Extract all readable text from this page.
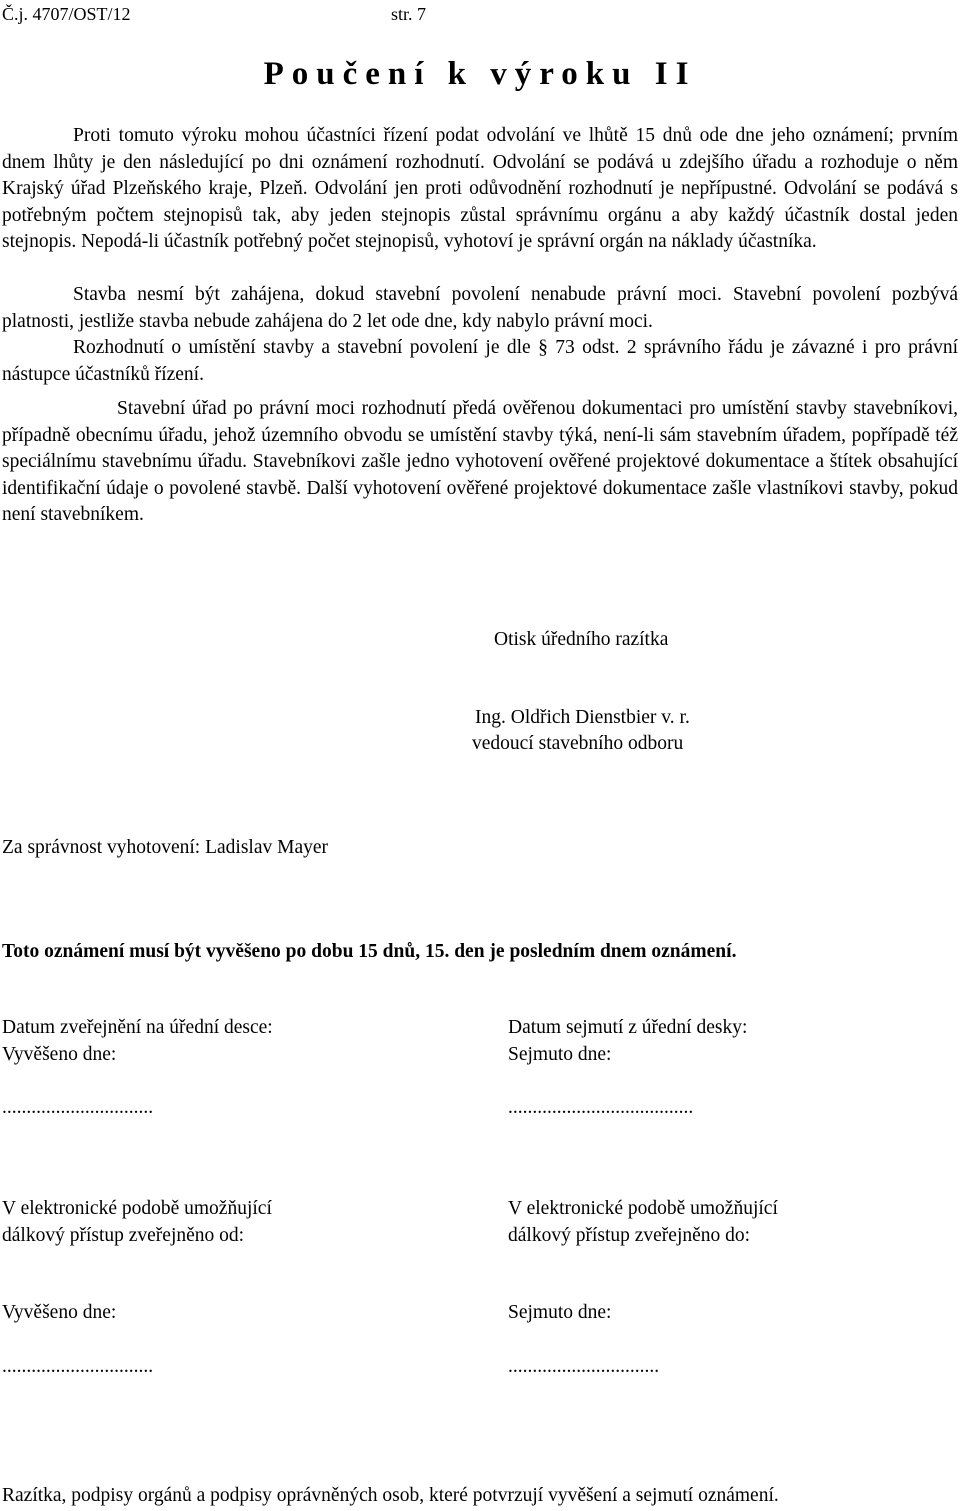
Č.j. 4707/OST/12	str. 7
Poučení k výroku II

Proti tomuto výroku mohou účastníci řízení podat odvolání ve lhůtě 15 dnů ode dne jeho oznámení; prvním dnem lhůty je den následující po dni oznámení rozhodnutí. Odvolání se podává u zdejšího úřadu a rozhoduje o něm Krajský úřad Plzeňského kraje, Plzeň. Odvolání jen proti odůvodnění rozhodnutí je nepřípustné. Odvolání se podává s potřebným počtem stejnopisů tak, aby jeden stejnopis zůstal správnímu orgánu a aby každý účastník dostal jeden stejnopis. Nepodá-li účastník potřebný počet stejnopisů, vyhotoví je správní orgán na náklady účastníka.

Stavba nesmí být zahájena, dokud stavební povolení nenabude právní moci. Stavební povolení pozbývá platnosti, jestliže stavba nebude zahájena do 2 let ode dne, kdy nabylo právní moci.

Rozhodnutí o umístění stavby a stavební povolení je dle § 73 odst. 2 správního řádu je závazné i pro právní nástupce účastníků řízení.

Stavební úřad po právní moci rozhodnutí předá ověřenou dokumentaci pro umístění stavby stavebníkovi, případně obecnímu úřadu, jehož územního obvodu se umístění stavby týká, není-li sám stavebním úřadem, popřípadě též speciálnímu stavebnímu úřadu. Stavebníkovi zašle jedno vyhotovení ověřené projektové dokumentace a štítek obsahující identifikační údaje o povolené stavbě. Další vyhotovení ověřené projektové dokumentace zašle vlastníkovi stavby, pokud není stavebníkem.

Otisk úředního razítka
Ing. Oldřich Dienstbier v. r.
vedoucí stavebního odboru
Za správnost vyhotovení: Ladislav Mayer
Toto oznámení musí být vyvěšeno po dobu 15 dnů, 15. den je posledním dnem oznámení.
Datum zveřejnění na úřední desce:	Datum sejmutí z úřední desky:
Vyvěšeno dne:	Sejmuto dne:
...............................	......................................
V elektronické podobě umožňující	V elektronické podobě umožňující
dálkový přístup zveřejněno od:	dálkový přístup zveřejněno do:
Vyvěšeno dne:	Sejmuto dne:
...............................	...............................
Razítka, podpisy orgánů a podpisy oprávněných osob, které potvrzují vyvěšení a sejmutí oznámení.
